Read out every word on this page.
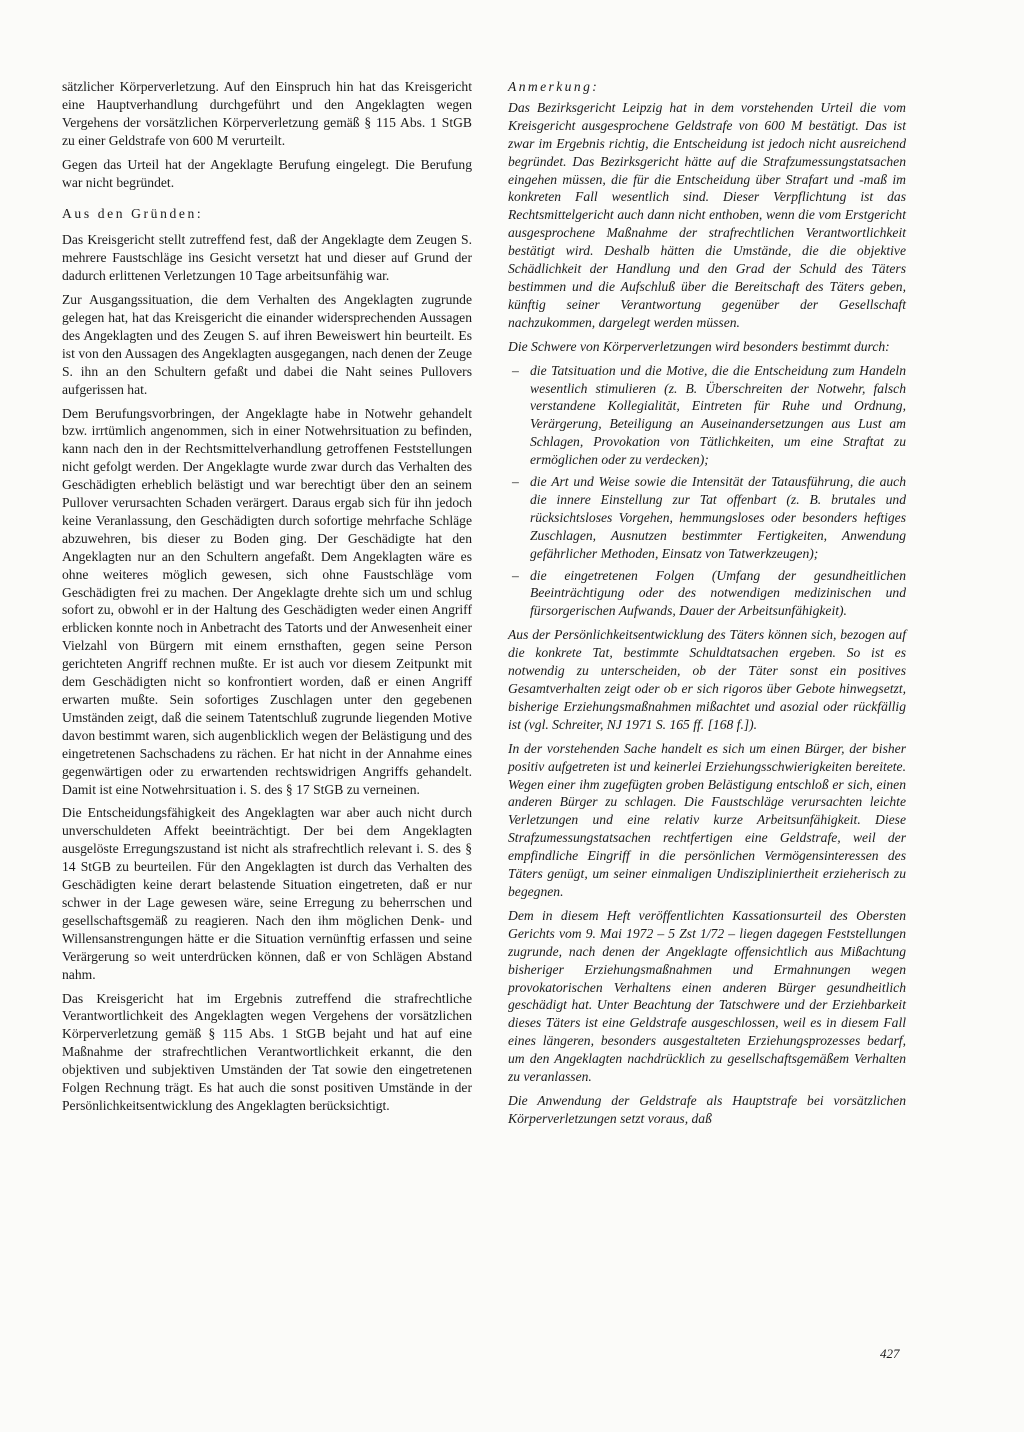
sätzlicher Körperverletzung. Auf den Einspruch hin hat das Kreisgericht eine Hauptverhandlung durchgeführt und den Angeklagten wegen Vergehens der vorsätzlichen Körperverletzung gemäß § 115 Abs. 1 StGB zu einer Geldstrafe von 600 M verurteilt.

Gegen das Urteil hat der Angeklagte Berufung eingelegt. Die Berufung war nicht begründet.

Aus den Gründen:

Das Kreisgericht stellt zutreffend fest, daß der Angeklagte dem Zeugen S. mehrere Faustschläge ins Gesicht versetzt hat und dieser auf Grund der dadurch erlittenen Verletzungen 10 Tage arbeitsunfähig war.

Zur Ausgangssituation, die dem Verhalten des Angeklagten zugrunde gelegen hat, hat das Kreisgericht die einander widersprechenden Aussagen des Angeklagten und des Zeugen S. auf ihren Beweiswert hin beurteilt. Es ist von den Aussagen des Angeklagten ausgegangen, nach denen der Zeuge S. ihn an den Schultern gefaßt und dabei die Naht seines Pullovers aufgerissen hat.

Dem Berufungsvorbringen, der Angeklagte habe in Notwehr gehandelt bzw. irrtümlich angenommen, sich in einer Notwehrsituation zu befinden, kann nach den in der Rechtsmittelverhandlung getroffenen Feststellungen nicht gefolgt werden. Der Angeklagte wurde zwar durch das Verhalten des Geschädigten erheblich belästigt und war berechtigt über den an seinem Pullover verursachten Schaden verärgert. Daraus ergab sich für ihn jedoch keine Veranlassung, den Geschädigten durch sofortige mehrfache Schläge abzuwehren, bis dieser zu Boden ging. Der Geschädigte hat den Angeklagten nur an den Schultern angefaßt. Dem Angeklagten wäre es ohne weiteres möglich gewesen, sich ohne Faustschläge vom Geschädigten frei zu machen. Der Angeklagte drehte sich um und schlug sofort zu, obwohl er in der Haltung des Geschädigten weder einen Angriff erblicken konnte noch in Anbetracht des Tatorts und der Anwesenheit einer Vielzahl von Bürgern mit einem ernsthaften, gegen seine Person gerichteten Angriff rechnen mußte. Er ist auch vor diesem Zeitpunkt mit dem Geschädigten nicht so konfrontiert worden, daß er einen Angriff erwarten mußte. Sein sofortiges Zuschlagen unter den gegebenen Umständen zeigt, daß die seinem Tatentschluß zugrunde liegenden Motive davon bestimmt waren, sich augenblicklich wegen der Belästigung und des eingetretenen Sachschadens zu rächen. Er hat nicht in der Annahme eines gegenwärtigen oder zu erwartenden rechtswidrigen Angriffs gehandelt. Damit ist eine Notwehrsituation i. S. des § 17 StGB zu verneinen.

Die Entscheidungsfähigkeit des Angeklagten war aber auch nicht durch unverschuldeten Affekt beeinträchtigt. Der bei dem Angeklagten ausgelöste Erregungszustand ist nicht als strafrechtlich relevant i. S. des § 14 StGB zu beurteilen. Für den Angeklagten ist durch das Verhalten des Geschädigten keine derart belastende Situation eingetreten, daß er nur schwer in der Lage gewesen wäre, seine Erregung zu beherrschen und gesellschaftsgemäß zu reagieren. Nach den ihm möglichen Denk- und Willensanstrengungen hätte er die Situation vernünftig erfassen und seine Verärgerung so weit unterdrücken können, daß er von Schlägen Abstand nahm.

Das Kreisgericht hat im Ergebnis zutreffend die strafrechtliche Verantwortlichkeit des Angeklagten wegen Vergehens der vorsätzlichen Körperverletzung gemäß § 115 Abs. 1 StGB bejaht und hat auf eine Maßnahme der strafrechtlichen Verantwortlichkeit erkannt, die den objektiven und subjektiven Umständen der Tat sowie den eingetretenen Folgen Rechnung trägt. Es hat auch die sonst positiven Umstände in der Persönlichkeitsentwicklung des Angeklagten berücksichtigt.

Anmerkung:

Das Bezirksgericht Leipzig hat in dem vorstehenden Urteil die vom Kreisgericht ausgesprochene Geldstrafe von 600 M bestätigt. Das ist zwar im Ergebnis richtig, die Entscheidung ist jedoch nicht ausreichend begründet. Das Bezirksgericht hätte auf die Strafzumessungstatsachen eingehen müssen, die für die Entscheidung über Strafart und -maß im konkreten Fall wesentlich sind. Dieser Verpflichtung ist das Rechtsmittelgericht auch dann nicht enthoben, wenn die vom Erstgericht ausgesprochene Maßnahme der strafrechtlichen Verantwortlichkeit bestätigt wird. Deshalb hätten die Umstände, die die objektive Schädlichkeit der Handlung und den Grad der Schuld des Täters bestimmen und die Aufschluß über die Bereitschaft des Täters geben, künftig seiner Verantwortung gegenüber der Gesellschaft nachzukommen, dargelegt werden müssen.

Die Schwere von Körperverletzungen wird besonders bestimmt durch:

– die Tatsituation und die Motive, die die Entscheidung zum Handeln wesentlich stimulieren (z. B. Überschreiten der Notwehr, falsch verstandene Kollegialität, Eintreten für Ruhe und Ordnung, Verärgerung, Beteiligung an Auseinandersetzungen aus Lust am Schlagen, Provokation von Tätlichkeiten, um eine Straftat zu ermöglichen oder zu verdecken);
– die Art und Weise sowie die Intensität der Tatausführung, die auch die innere Einstellung zur Tat offenbart (z. B. brutales und rücksichtsloses Vorgehen, hemmungsloses oder besonders heftiges Zuschlagen, Ausnutzen bestimmter Fertigkeiten, Anwendung gefährlicher Methoden, Einsatz von Tatwerkzeugen);
– die eingetretenen Folgen (Umfang der gesundheitlichen Beeinträchtigung oder des notwendigen medizinischen und fürsorgerischen Aufwands, Dauer der Arbeitsunfähigkeit).

Aus der Persönlichkeitsentwicklung des Täters können sich, bezogen auf die konkrete Tat, bestimmte Schuldtatsachen ergeben. So ist es notwendig zu unterscheiden, ob der Täter sonst ein positives Gesamtverhalten zeigt oder ob er sich rigoros über Gebote hinwegsetzt, bisherige Erziehungsmaßnahmen mißachtet und asozial oder rückfällig ist (vgl. Schreiter, NJ 1971 S. 165 ff. [168 f.]).

In der vorstehenden Sache handelt es sich um einen Bürger, der bisher positiv aufgetreten ist und keinerlei Erziehungsschwierigkeiten bereitete. Wegen einer ihm zugefügten groben Belästigung entschloß er sich, einen anderen Bürger zu schlagen. Die Faustschläge verursachten leichte Verletzungen und eine relativ kurze Arbeitsunfähigkeit. Diese Strafzumessungstatsachen rechtfertigen eine Geldstrafe, weil der empfindliche Eingriff in die persönlichen Vermögensinteressen des Täters genügt, um seiner einmaligen Undiszipliniertheit erzieherisch zu begegnen.

Dem in diesem Heft veröffentlichten Kassationsurteil des Obersten Gerichts vom 9. Mai 1972 – 5 Zst 1/72 – liegen dagegen Feststellungen zugrunde, nach denen der Angeklagte offensichtlich aus Mißachtung bisheriger Erziehungsmaßnahmen und Ermahnungen wegen provokatorischen Verhaltens einen anderen Bürger gesundheitlich geschädigt hat. Unter Beachtung der Tatschwere und der Erziehbarkeit dieses Täters ist eine Geldstrafe ausgeschlossen, weil es in diesem Fall eines längeren, besonders ausgestalteten Erziehungsprozesses bedarf, um den Angeklagten nachdrücklich zu gesellschaftsgemäßem Verhalten zu veranlassen.

Die Anwendung der Geldstrafe als Hauptstrafe bei vorsätzlichen Körperverletzungen setzt voraus, daß

427
